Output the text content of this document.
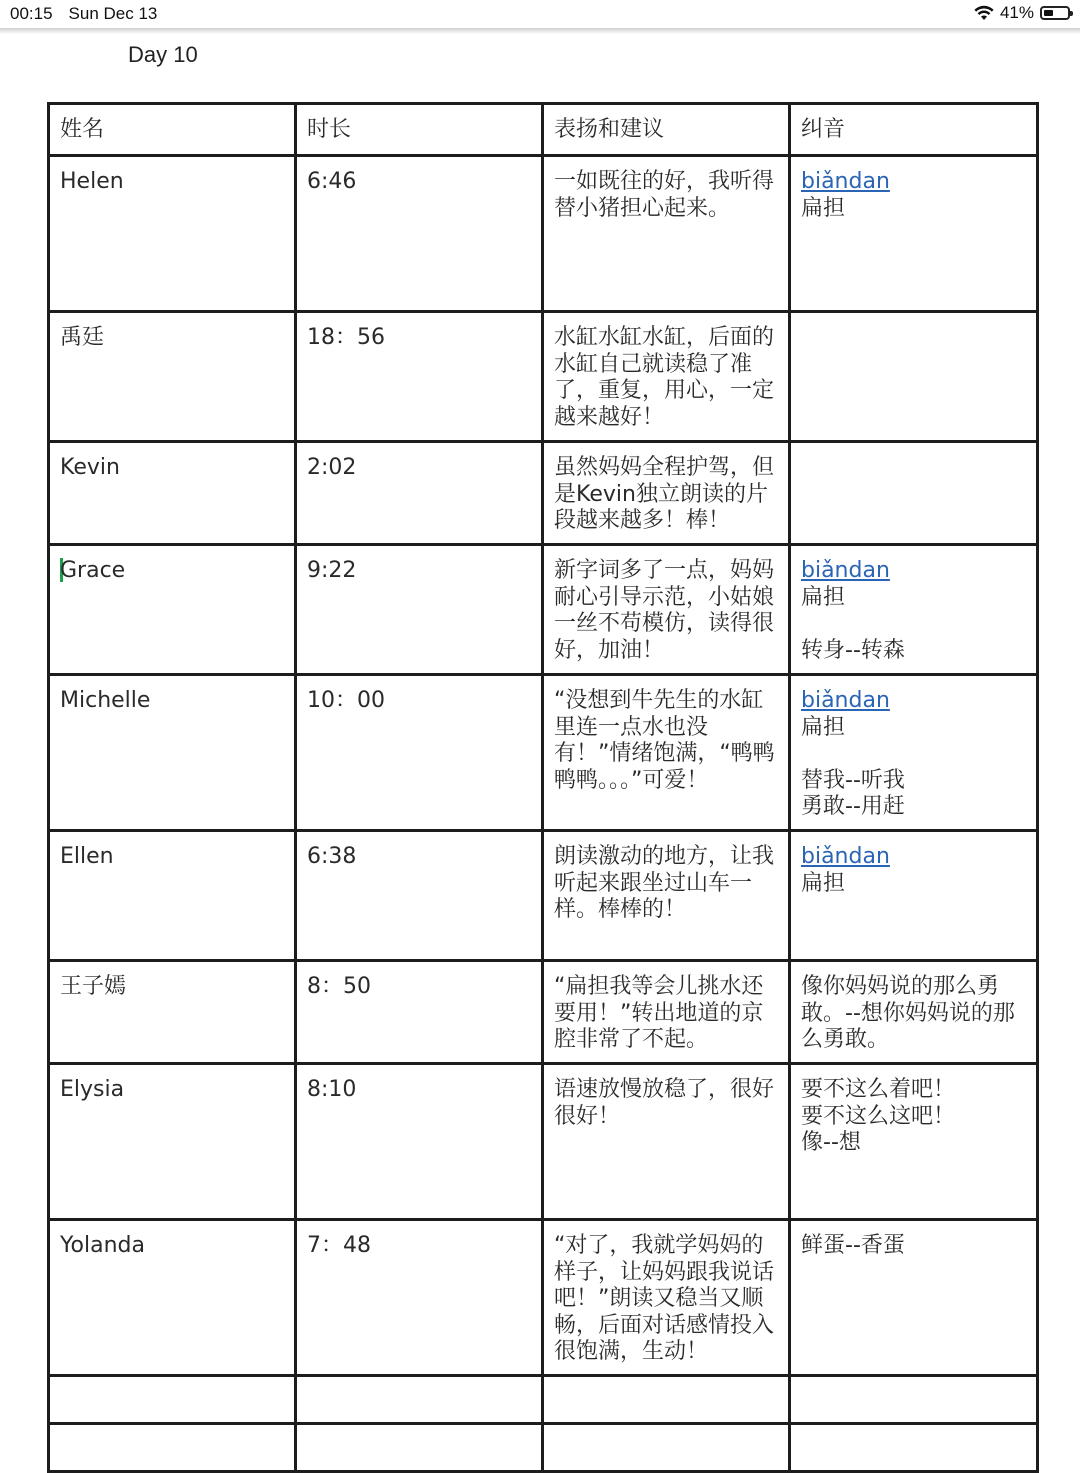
00:15 Sun Dec 13	41%
Day 10
姓名	时长	表扬和建议	纠音
Helen	6:46	一如既往的好，我听得替小猪担心起来。	biǎndan
扁担

禹廷	18：56	水缸水缸水缸，后面的水缸自己就读稳了准了，重复，用心，一定越来越好！	
Kevin	2:02	虽然妈妈全程护驾，但是Kevin独立朗读的片段越来越多！棒！	
Grace	9:22	新字词多了一点，妈妈耐心引导示范，小姑娘一丝不苟模仿，读得很好，加油！	biǎndan
扁担
转身--转森

Michelle	10：00	“没想到牛先生的水缸里连一点水也没有！”情绪饱满，“鸭鸭鸭鸭。。。”可爱！	biǎndan
扁担
替我--听我
勇敢--用赶

Ellen	6:38	朗读激动的地方，让我听起来跟坐过山车一样。棒棒的！	biǎndan
扁担

王子嫣	8：50	“扁担我等会儿挑水还要用！”转出地道的京腔非常了不起。	像你妈妈说的那么勇敢。--想你妈妈说的那么勇敢。

Elysia	8:10	语速放慢放稳了，很好很好！	要不这么着吧！
要不这么这吧！
像--想

Yolanda	7：48	“对了，我就学妈妈的样子，让妈妈跟我说话吧！”朗读又稳当又顺畅，后面对话感情投入很饱满，生动！	鲜蛋--香蛋
